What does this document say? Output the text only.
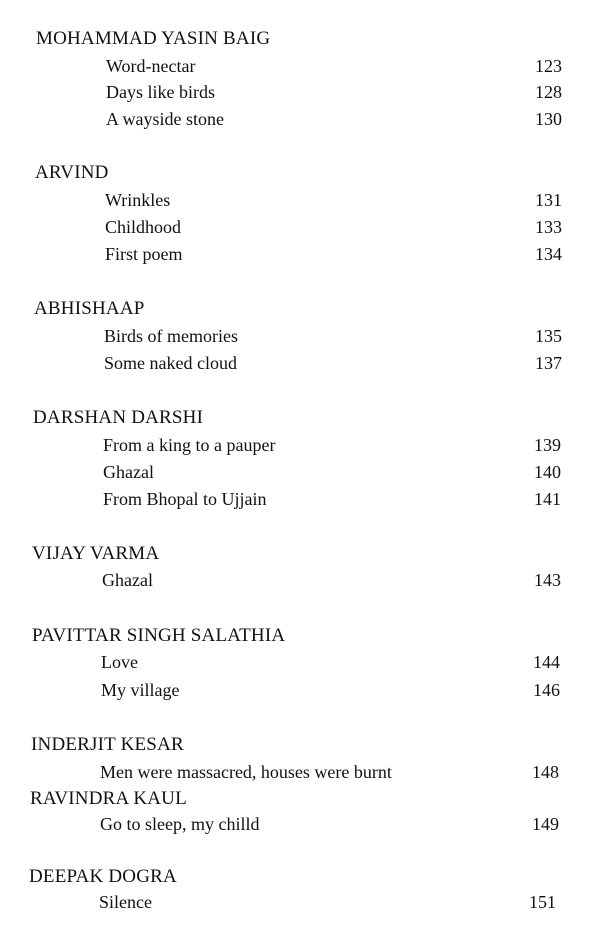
MOHAMMAD YASIN BAIG
Word-nectar	123
Days like birds	128
A wayside stone	130
ARVIND
Wrinkles	131
Childhood	133
First poem	134
ABHISHAAP
Birds of memories	135
Some naked cloud	137
DARSHAN DARSHI
From a king to a pauper	139
Ghazal	140
From Bhopal to Ujjain	141
VIJAY VARMA
Ghazal	143
PAVITTAR SINGH SALATHIA
Love	144
My village	146
INDERJIT KESAR
Men were massacred, houses were burnt	148
RAVINDRA KAUL
Go to sleep, my chilld	149
DEEPAK DOGRA
Silence	151
